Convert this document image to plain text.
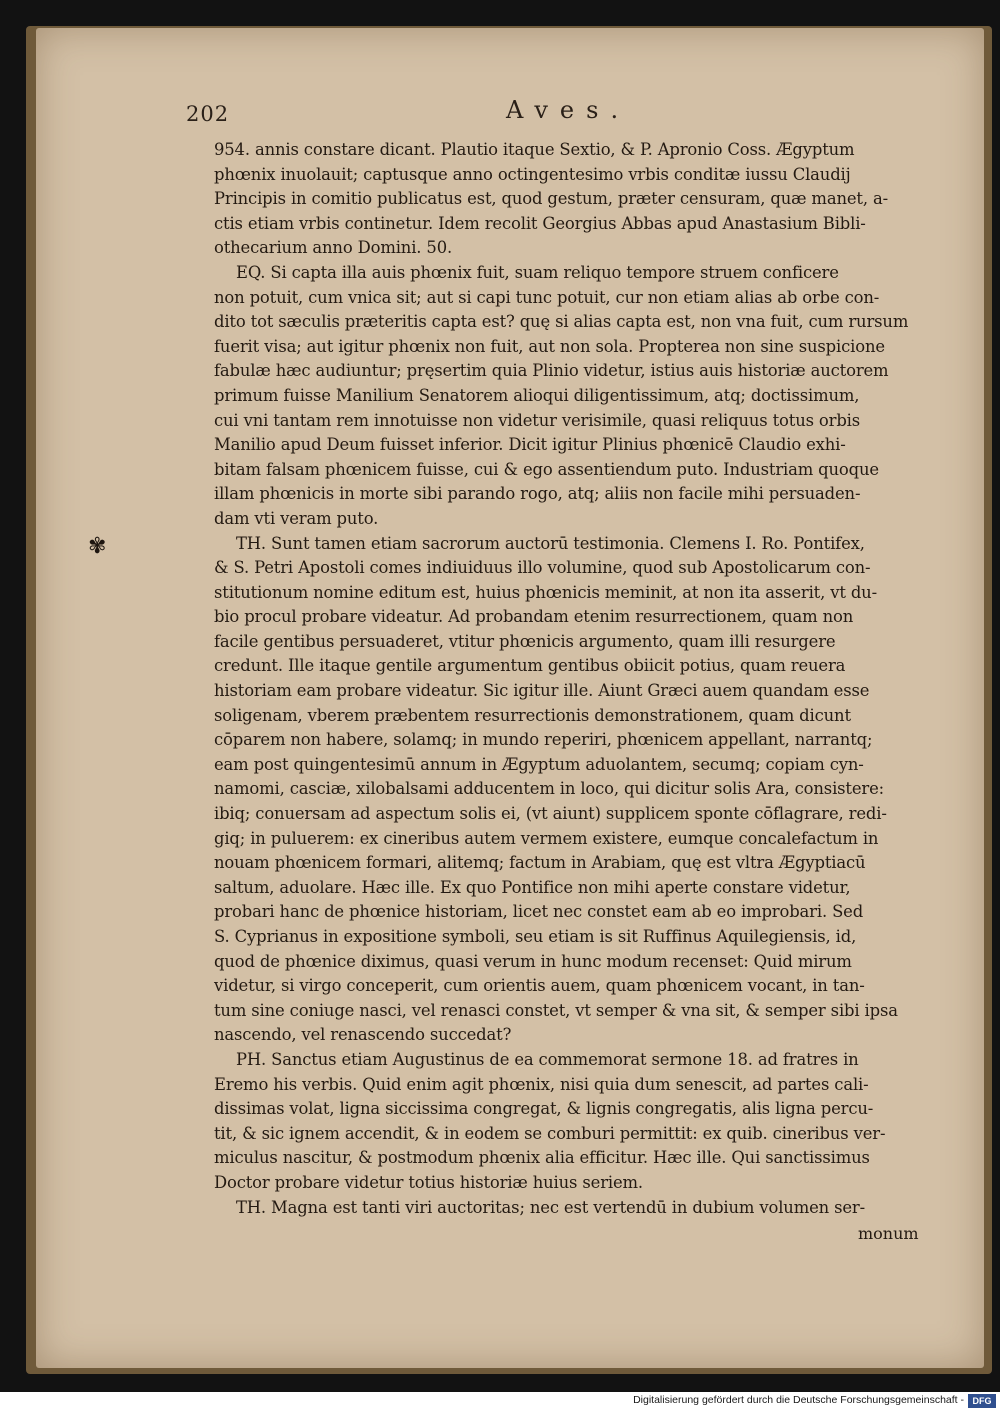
202	Aves.
✾
954. annis constare dicant. Plautio itaque Sextio, & P. Apronio Coss. Ægyptum
phœnix inuolauit; captusque anno octingentesimo vrbis conditæ iussu Claudij
Principis in comitio publicatus est, quod gestum, præter censuram, quæ manet, a-
ctis etiam vrbis continetur. Idem recolit Georgius Abbas apud Anastasium Bibli-
othecarium anno Domini. 50.
EQ. Si capta illa auis phœnix fuit, suam reliquo tempore struem conficere
non potuit, cum vnica sit; aut si capi tunc potuit, cur non etiam alias ab orbe con-
dito tot sæculis præteritis capta est? quę si alias capta est, non vna fuit, cum rursum
fuerit visa; aut igitur phœnix non fuit, aut non sola. Propterea non sine suspicione
fabulæ hæc audiuntur; pręsertim quia Plinio videtur, istius auis historiæ auctorem
primum fuisse Manilium Senatorem alioqui diligentissimum, atq; doctissimum,
cui vni tantam rem innotuisse non videtur verisimile, quasi reliquus totus orbis
Manilio apud Deum fuisset inferior. Dicit igitur Plinius phœnicē Claudio exhi-
bitam falsam phœnicem fuisse, cui & ego assentiendum puto. Industriam quoque
illam phœnicis in morte sibi parando rogo, atq; aliis non facile mihi persuaden-
dam vti veram puto.
TH. Sunt tamen etiam sacrorum auctorū testimonia. Clemens I. Ro. Pontifex,
& S. Petri Apostoli comes indiuiduus illo volumine, quod sub Apostolicarum con-
stitutionum nomine editum est, huius phœnicis meminit, at non ita asserit, vt du-
bio procul probare videatur. Ad probandam etenim resurrectionem, quam non
facile gentibus persuaderet, vtitur phœnicis argumento, quam illi resurgere
credunt. Ille itaque gentile argumentum gentibus obiicit potius, quam reuera
historiam eam probare videatur. Sic igitur ille. Aiunt Græci auem quandam esse
soligenam, vberem præbentem resurrectionis demonstrationem, quam dicunt
cōparem non habere, solamq; in mundo reperiri, phœnicem appellant, narrantq;
eam post quingentesimū annum in Ægyptum aduolantem, secumq; copiam cyn-
namomi, casciæ, xilobalsami adducentem in loco, qui dicitur solis Ara, consistere:
ibiq; conuersam ad aspectum solis ei, (vt aiunt) supplicem sponte cōflagrare, redi-
giq; in puluerem: ex cineribus autem vermem existere, eumque concalefactum in
nouam phœnicem formari, alitemq; factum in Arabiam, quę est vltra Ægyptiacū
saltum, aduolare. Hæc ille. Ex quo Pontifice non mihi aperte constare videtur,
probari hanc de phœnice historiam, licet nec constet eam ab eo improbari. Sed
S. Cyprianus in expositione symboli, seu etiam is sit Ruffinus Aquilegiensis, id,
quod de phœnice diximus, quasi verum in hunc modum recenset: Quid mirum
videtur, si virgo conceperit, cum orientis auem, quam phœnicem vocant, in tan-
tum sine coniuge nasci, vel renasci constet, vt semper & vna sit, & semper sibi ipsa
nascendo, vel renascendo succedat?
PH. Sanctus etiam Augustinus de ea commemorat sermone 18. ad fratres in
Eremo his verbis. Quid enim agit phœnix, nisi quia dum senescit, ad partes cali-
dissimas volat, ligna siccissima congregat, & lignis congregatis, alis ligna percu-
tit, & sic ignem accendit, & in eodem se comburi permittit: ex quib. cineribus ver-
miculus nascitur, & postmodum phœnix alia efficitur. Hæc ille. Qui sanctissimus
Doctor probare videtur totius historiæ huius seriem.
TH. Magna est tanti viri auctoritas; nec est vertendū in dubium volumen ser-
monum
Digitalisierung gefördert durch die Deutsche Forschungsgemeinschaft - DFG
